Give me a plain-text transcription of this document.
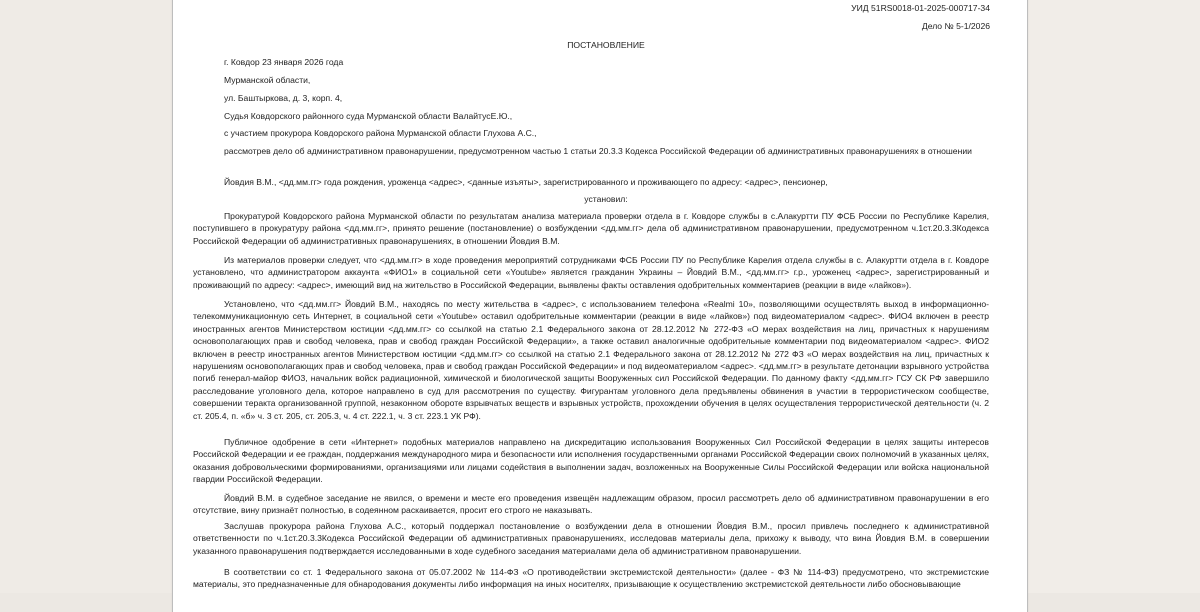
УИД 51RS0018-01-2025-000717-34
Дело № 5-1/2026
ПОСТАНОВЛЕНИЕ
г. Ковдор 23 января 2026 года
Мурманской области,
ул. Баштыркова, д. 3, корп. 4,
Судья Ковдорского районного суда Мурманской области ВалайтусЕ.Ю.,
с участием прокурора Ковдорского района Мурманской области Глухова А.С.,
рассмотрев дело об административном правонарушении, предусмотренном частью 1 статьи 20.3.3 Кодекса Российской Федерации об административных правонарушениях в отношении
Йовдия В.М., <дд.мм.гг> года рождения, уроженца <адрес>, <данные изъяты>, зарегистрированного и проживающего по адресу: <адрес>, пенсионер,
установил:
Прокуратурой Ковдорского района Мурманской области по результатам анализа материала проверки отдела в г. Ковдоре службы в с.Алакуртти ПУ ФСБ России по Республике Карелия, поступившего в прокуратуру района <дд.мм.гг>, принято решение (постановление) о возбуждении <дд.мм.гг> дела об административном правонарушении, предусмотренном ч.1ст.20.3.3Кодекса Российской Федерации об административных правонарушениях, в отношении Йовдия В.М.
Из материалов проверки следует, что <дд.мм.гг> в ходе проведения мероприятий сотрудниками ФСБ России ПУ по Республике Карелия отдела службы в с. Алакуртти отдела в г. Ковдоре установлено, что администратором аккаунта «ФИО1» в социальной сети «Youtube» является гражданин Украины – Йовдий В.М., <дд.мм.гг> г.р., уроженец <адрес>, зарегистрированный и проживающий по адресу: <адрес>, имеющий вид на жительство в Российской Федерации, выявлены факты оставления одобрительных комментариев (реакции в виде «лайков»).
Установлено, что <дд.мм.гг> Йовдий В.М., находясь по месту жительства в <адрес>, с использованием телефона «Realmi 10», позволяющими осуществлять выход в информационно-телекоммуникационную сеть Интернет, в социальной сети «Youtube» оставил одобрительные комментарии (реакции в виде «лайков») под видеоматериалом <адрес>. ФИО4 включен в реестр иностранных агентов Министерством юстиции <дд.мм.гг> со ссылкой на статью 2.1 Федерального закона от 28.12.2012 № 272-ФЗ «О мерах воздействия на лиц, причастных к нарушениям основополагающих прав и свобод человека, прав и свобод граждан Российской Федерации», а также оставил аналогичные одобрительные комментарии под видеоматериалом <адрес>. ФИО2 включен в реестр иностранных агентов Министерством юстиции <дд.мм.гг> со ссылкой на статью 2.1 Федерального закона от 28.12.2012 № 272 ФЗ «О мерах воздействия на лиц, причастных к нарушениям основополагающих прав и свобод человека, прав и свобод граждан Российской Федерации» и под видеоматериалом <адрес>. <дд.мм.гг> в результате детонации взрывного устройства погиб генерал-майор ФИО3, начальник войск радиационной, химической и биологической защиты Вооруженных сил Российской Федерации. По данному факту <дд.мм.гг> ГСУ СК РФ завершило расследование уголовного дела, которое направлено в суд для рассмотрения по существу. Фигурантам уголовного дела предъявлены обвинения в участии в террористическом сообществе, совершении теракта организованной группой, незаконном обороте взрывчатых веществ и взрывных устройств, прохождении обучения в целях осуществления террористической деятельности (ч. 2 ст. 205.4, п. «б» ч. 3 ст. 205, ст. 205.3, ч. 4 ст. 222.1, ч. 3 ст. 223.1 УК РФ).
Публичное одобрение в сети «Интернет» подобных материалов направлено на дискредитацию использования Вооруженных Сил Российской Федерации в целях защиты интересов Российской Федерации и ее граждан, поддержания международного мира и безопасности или исполнения государственными органами Российской Федерации своих полномочий в указанных целях, оказания добровольческими формированиями, организациями или лицами содействия в выполнении задач, возложенных на Вооруженные Силы Российской Федерации или войска национальной гвардии Российской Федерации.
Йовдий В.М. в судебное заседание не явился, о времени и месте его проведения извещён надлежащим образом, просил рассмотреть дело об административном правонарушении в его отсутствие, вину признаёт полностью, в содеянном раскаивается, просит его строго не наказывать.
Заслушав прокурора района Глухова А.С., который поддержал постановление о возбуждении дела в отношении Йовдия В.М., просил привлечь последнего к административной ответственности по ч.1ст.20.3.3Кодекса Российской Федерации об административных правонарушениях, исследовав материалы дела, прихожу к выводу, что вина Йовдия В.М. в совершении указанного правонарушения подтверждается исследованными в ходе судебного заседания материалами дела об административном правонарушении.
В соответствии со ст. 1 Федерального закона от 05.07.2002 № 114-ФЗ «О противодействии экстремистской деятельности» (далее - ФЗ № 114-ФЗ) предусмотрено, что экстремистские материалы, это предназначенные для обнародования документы либо информация на иных носителях, призывающие к осуществлению экстремистской деятельности либо обосновывающие
